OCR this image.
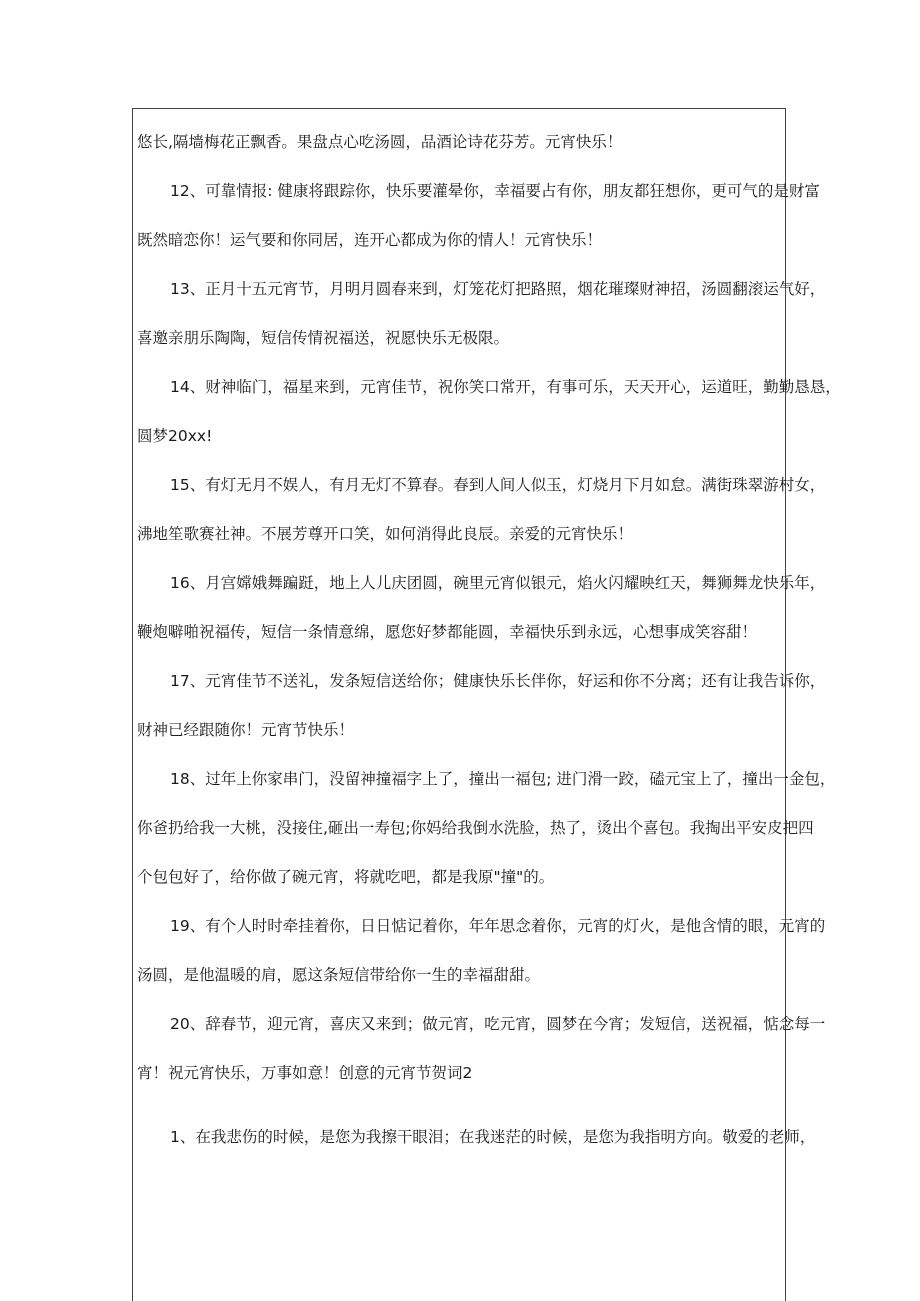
悠长,隔墙梅花正飘香。果盘点心吃汤圆，品酒论诗花芬芳。元宵快乐！
12、可靠情报: 健康将跟踪你，快乐要灌晕你，幸福要占有你，朋友都狂想你，更可气的是财富
既然暗恋你！运气要和你同居，连开心都成为你的情人！元宵快乐！
13、正月十五元宵节，月明月圆春来到，灯笼花灯把路照，烟花璀璨财神招，汤圆翻滚运气好，
喜邀亲朋乐陶陶，短信传情祝福送，祝愿快乐无极限。
14、财神临门，福星来到，元宵佳节，祝你笑口常开，有事可乐，天天开心，运道旺，勤勤恳恳，
圆梦20xx!
15、有灯无月不娱人，有月无灯不算春。春到人间人似玉，灯烧月下月如怠。满街珠翠游村女，
沸地笙歌赛社神。不展芳尊开口笑，如何消得此良辰。亲爱的元宵快乐！
16、月宫嫦娥舞蹁跹，地上人儿庆团圆，碗里元宵似银元，焰火闪耀映红天，舞狮舞龙快乐年，
鞭炮噼啪祝福传，短信一条情意绵，愿您好梦都能圆，幸福快乐到永远，心想事成笑容甜！
17、元宵佳节不送礼，发条短信送给你；健康快乐长伴你，好运和你不分离；还有让我告诉你，
财神已经跟随你！元宵节快乐！
18、过年上你家串门，没留神撞福字上了，撞出一福包; 进门滑一跤，磕元宝上了，撞出一金包，
你爸扔给我一大桃，没接住,砸出一寿包;你妈给我倒水洗脸，热了，烫出个喜包。我掏出平安皮把四
个包包好了，给你做了碗元宵，将就吃吧，都是我原"撞"的。
19、有个人时时牵挂着你，日日惦记着你，年年思念着你，元宵的灯火，是他含情的眼，元宵的
汤圆，是他温暖的肩，愿这条短信带给你一生的幸福甜甜。
20、辞春节，迎元宵，喜庆又来到；做元宵，吃元宵，圆梦在今宵；发短信，送祝福，惦念每一
宵！祝元宵快乐，万事如意！创意的元宵节贺词2
1、在我悲伤的时候，是您为我擦干眼泪；在我迷茫的时候，是您为我指明方向。敬爱的老师，
